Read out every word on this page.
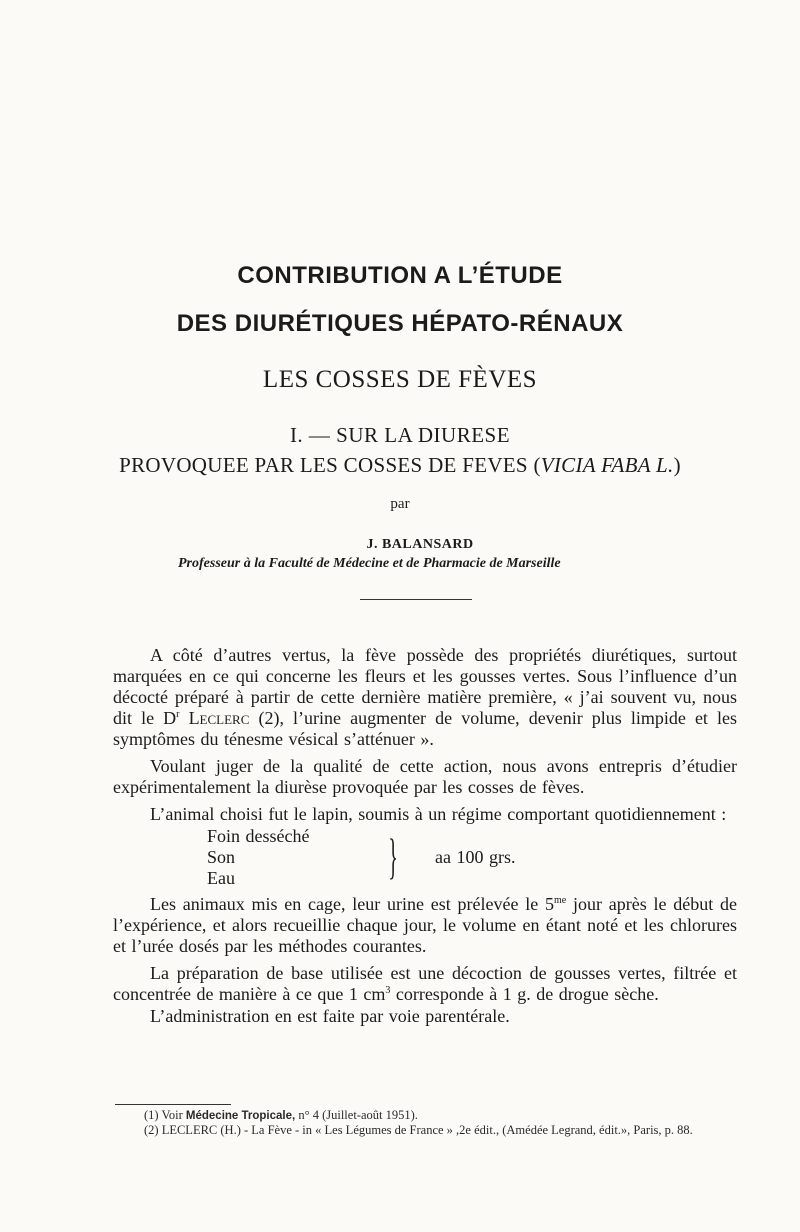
CONTRIBUTION A L’ÉTUDE
DES DIURÉTIQUES HÉPATO-RÉNAUX
LES COSSES DE FÈVES
I. — SUR LA DIURESE
PROVOQUEE PAR LES COSSES DE FEVES (VICIA FABA L.)
par
J. BALANSARD
Professeur à la Faculté de Médecine et de Pharmacie de Marseille

A côté d’autres vertus, la fève possède des propriétés diurétiques, surtout marquées en ce qui concerne les fleurs et les gousses vertes. Sous l’influence d’un décocté préparé à partir de cette dernière matière première, « j’ai souvent vu, nous dit le $D^r$ Leclerc (2), l’urine augmenter de volume, devenir plus limpide et les symptômes du ténesme vésical s’atténuer ».

Voulant juger de la qualité de cette action, nous avons entrepris d’étudier expérimentalement la diurèse provoquée par les cosses de fèves.

L’animal choisi fut le lapin, soumis à un régime comportant quotidiennement :

Foin desséché
Son
Eau	} aa 100 grs.

Les animaux mis en cage, leur urine est prélevée le $5^{me}$ jour après le début de l’expérience, et alors recueillie chaque jour, le volume en étant noté et les chlorures et l’urée dosés par les méthodes courantes.

La préparation de base utilisée est une décoction de gousses vertes, filtrée et concentrée de manière à ce que 1 $cm^3$ corresponde à 1 g. de drogue sèche.

L’administration en est faite par voie parentérale.

(1) Voir Médecine Tropicale, n° 4 (Juillet-août 1951).

(2) LECLERC (H.) - La Fève - in « Les Légumes de France » ,2e édit., (Amédée Legrand, édit.», Paris, p. 88.
